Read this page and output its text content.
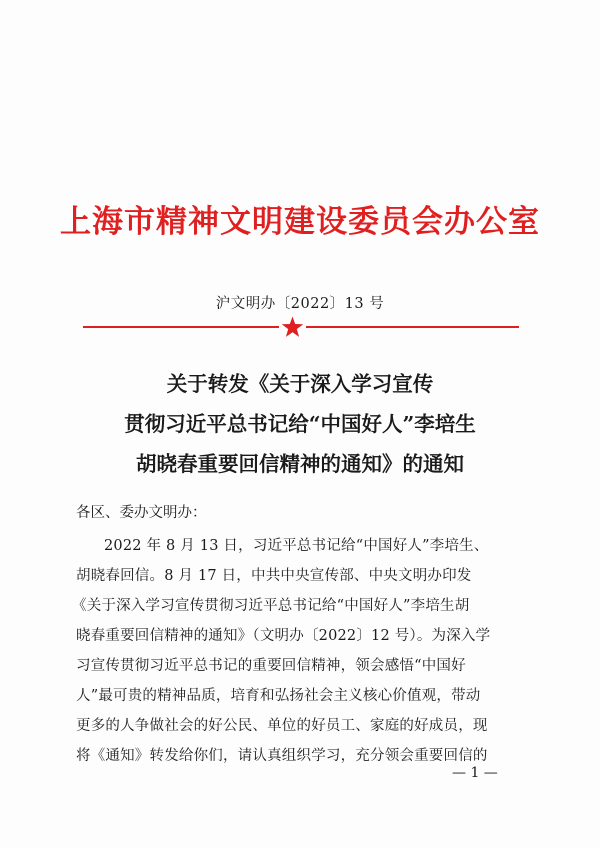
上海市精神文明建设委员会办公室
沪文明办〔2022〕13 号
关于转发《关于深入学习宣传
贯彻习近平总书记给“中国好人”李培生
胡晓春重要回信精神的通知》的通知
各区、委办文明办：
2022 年 8 月 13 日，习近平总书记给“中国好人”李培生、
胡晓春回信。8 月 17 日，中共中央宣传部、中央文明办印发
《关于深入学习宣传贯彻习近平总书记给“中国好人”李培生胡
晓春重要回信精神的通知》（文明办〔2022〕12 号）。为深入学
习宣传贯彻习近平总书记的重要回信精神，领会感悟“中国好
人”最可贵的精神品质，培育和弘扬社会主义核心价值观，带动
更多的人争做社会的好公民、单位的好员工、家庭的好成员，现
将《通知》转发给你们，请认真组织学习，充分领会重要回信的
— 1 —
